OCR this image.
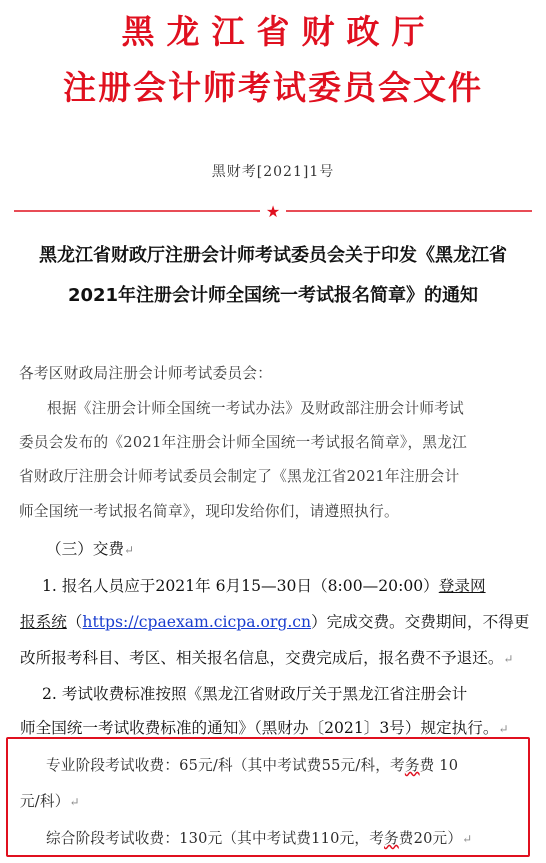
黑龙江省财政厅
注册会计师考试委员会文件
黑财考[2021]1号
★
黑龙江省财政厅注册会计师考试委员会关于印发《黑龙江省
2021年注册会计师全国统一考试报名简章》的通知
各考区财政局注册会计师考试委员会：
根据《注册会计师全国统一考试办法》及财政部注册会计师考试
委员会发布的《2021年注册会计师全国统一考试报名简章》，黑龙江
省财政厅注册会计师考试委员会制定了《黑龙江省2021年注册会计
师全国统一考试报名简章》，现印发给你们，请遵照执行。
（三）交费↵
1. 报名人员应于2021年 6月15—30日（8:00—20:00）登录网
报系统（https://cpaexam.cicpa.org.cn）完成交费。交费期间，不得更
改所报考科目、考区、相关报名信息，交费完成后，报名费不予退还。↵
2. 考试收费标准按照《黑龙江省财政厅关于黑龙江省注册会计
师全国统一考试收费标准的通知》（黑财办〔2021〕3号）规定执行。↵
专业阶段考试收费：65元/科（其中考试费55元/科，考务费 10
元/科）↵
综合阶段考试收费：130元（其中考试费110元，考务费20元）↵
